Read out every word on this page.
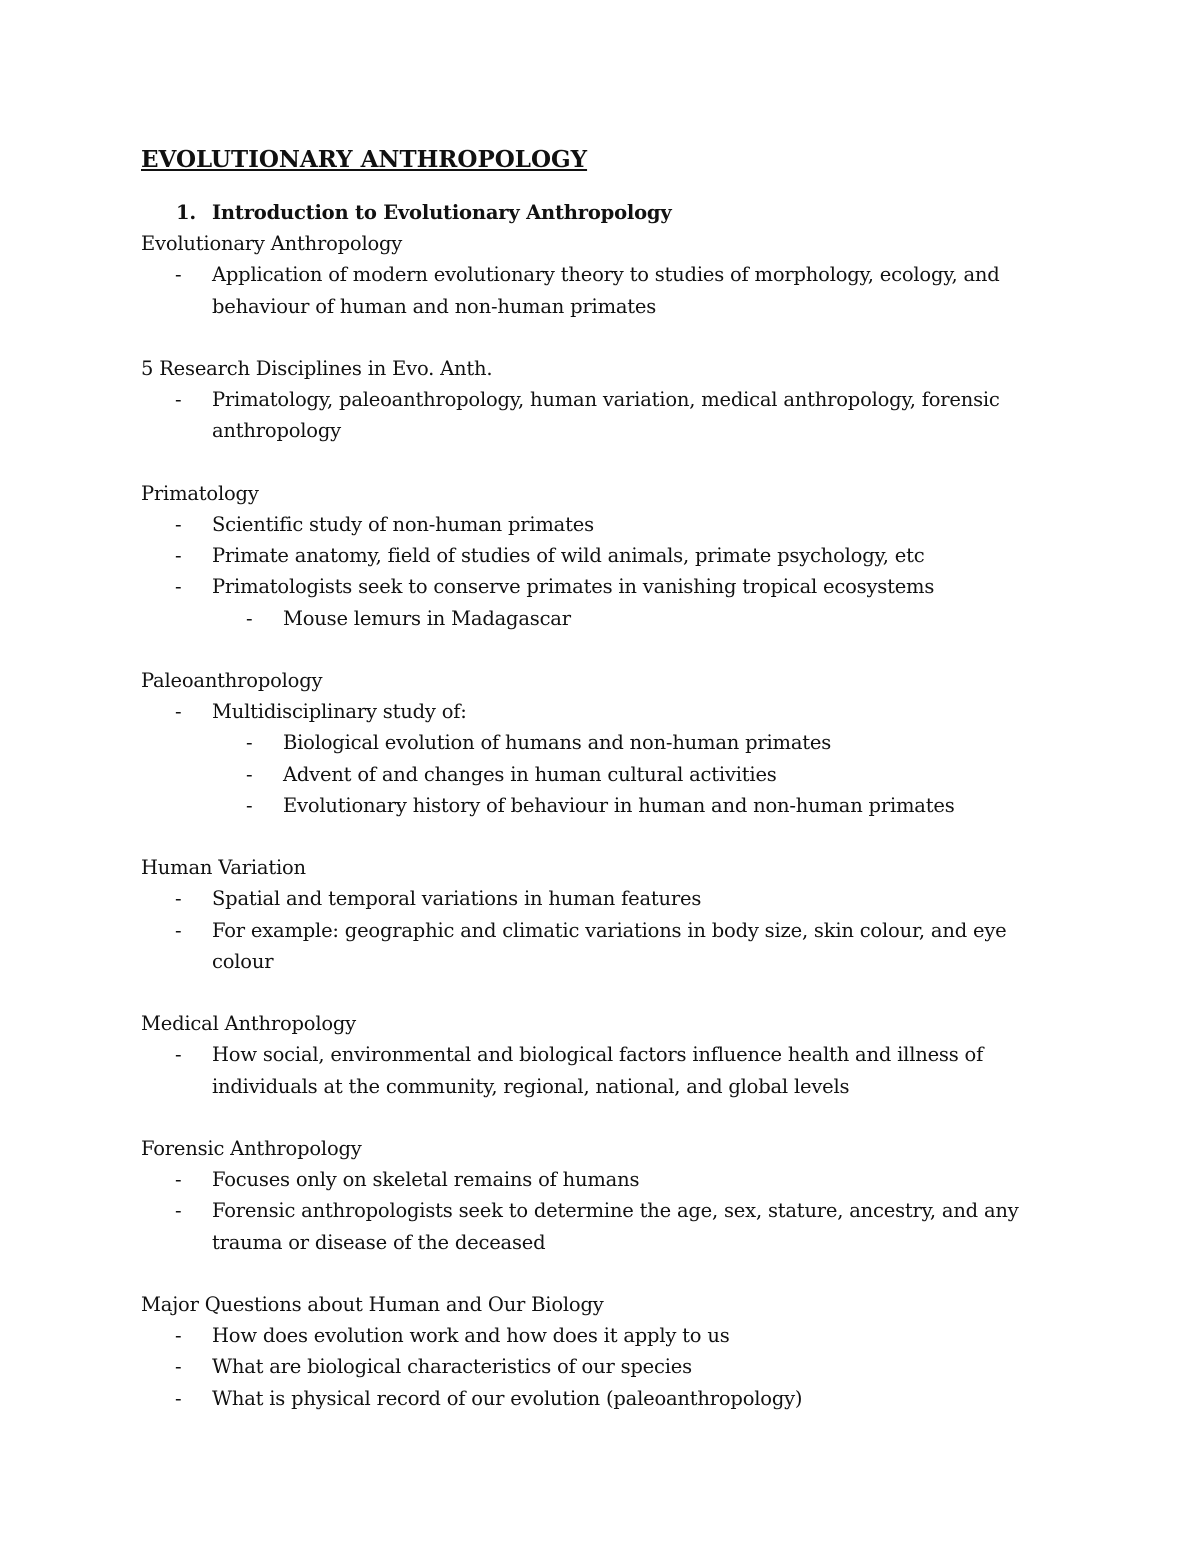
EVOLUTIONARY ANTHROPOLOGY
1. Introduction to Evolutionary Anthropology
Evolutionary Anthropology
- Application of modern evolutionary theory to studies of morphology, ecology, and behaviour of human and non-human primates
5 Research Disciplines in Evo. Anth.
- Primatology, paleoanthropology, human variation, medical anthropology, forensic anthropology
Primatology
- Scientific study of non-human primates
- Primate anatomy, field of studies of wild animals, primate psychology, etc
- Primatologists seek to conserve primates in vanishing tropical ecosystems
- Mouse lemurs in Madagascar
Paleoanthropology
- Multidisciplinary study of:
- Biological evolution of humans and non-human primates
- Advent of and changes in human cultural activities
- Evolutionary history of behaviour in human and non-human primates
Human Variation
- Spatial and temporal variations in human features
- For example: geographic and climatic variations in body size, skin colour, and eye colour
Medical Anthropology
- How social, environmental and biological factors influence health and illness of individuals at the community, regional, national, and global levels
Forensic Anthropology
- Focuses only on skeletal remains of humans
- Forensic anthropologists seek to determine the age, sex, stature, ancestry, and any trauma or disease of the deceased
Major Questions about Human and Our Biology
- How does evolution work and how does it apply to us
- What are biological characteristics of our species
- What is physical record of our evolution (paleoanthropology)
